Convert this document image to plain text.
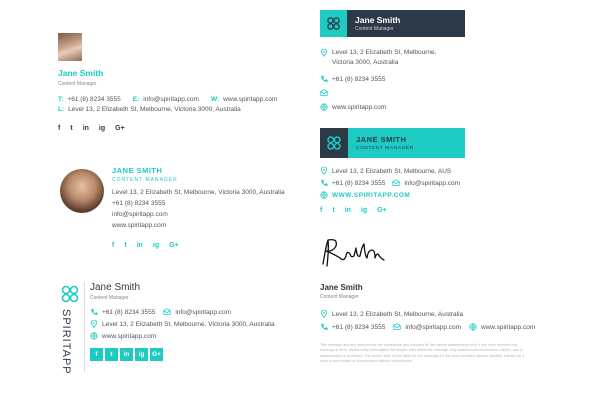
Jane Smith
Content Manager
T: +61 (8) 8234 3555 E: info@spiritapp.com W: www.spiritapp.com
L: Level 13, 2 Elizabeth St, Melbourne, Victoria 3000, Australia
f t in ig G+
JANE SMITH
CONTENT MANAGER
Level 13, 2 Elizabeth St, Melbourne, Victoria 3000, Australia
+61 (8) 8234 3555
info@spiritapp.com
www.spiritapp.com
f t in ig G+
SPIRITAPP
Jane Smith
Content Manager
+61 (8) 8234 3555	info@spiritapp.com
Level 13, 2 Elizabeth St, Melbourne, Victoria 3000, Australia
www.spiritapp.com
f	t	in	ig	G+
Jane Smith
Content Manager
Level 13, 2 Elizabeth St, Melbourne,
Victoria 3000, Australia
+61 (8) 8234 3555
www.spiritapp.com
JANE SMITH
CONTENT MANAGER
Level 13, 2 Elizabeth St, Melbourne, AUS
+61 (8) 8234 3555	info@spiritapp.com
WWW.SPIRITAPP.COM
f t in ig G+
Jane Smith
Content Manager
Level 13, 2 Elizabeth St, Melbourne, Australia
+61 (8) 8234 3555	info@spiritapp.com	www.spiritapp.com
This message and any attachments are confidential and intended for the named addressee(s) only. If you have received this message in error, please notify immediately the sender, then delete the message. Any unauthorized modification, edition, use or dissemination is prohibited. The sender shall not be liable for this message if it has been modified, altered, falsified, infected by a virus or even edited or disseminated without authorization.
